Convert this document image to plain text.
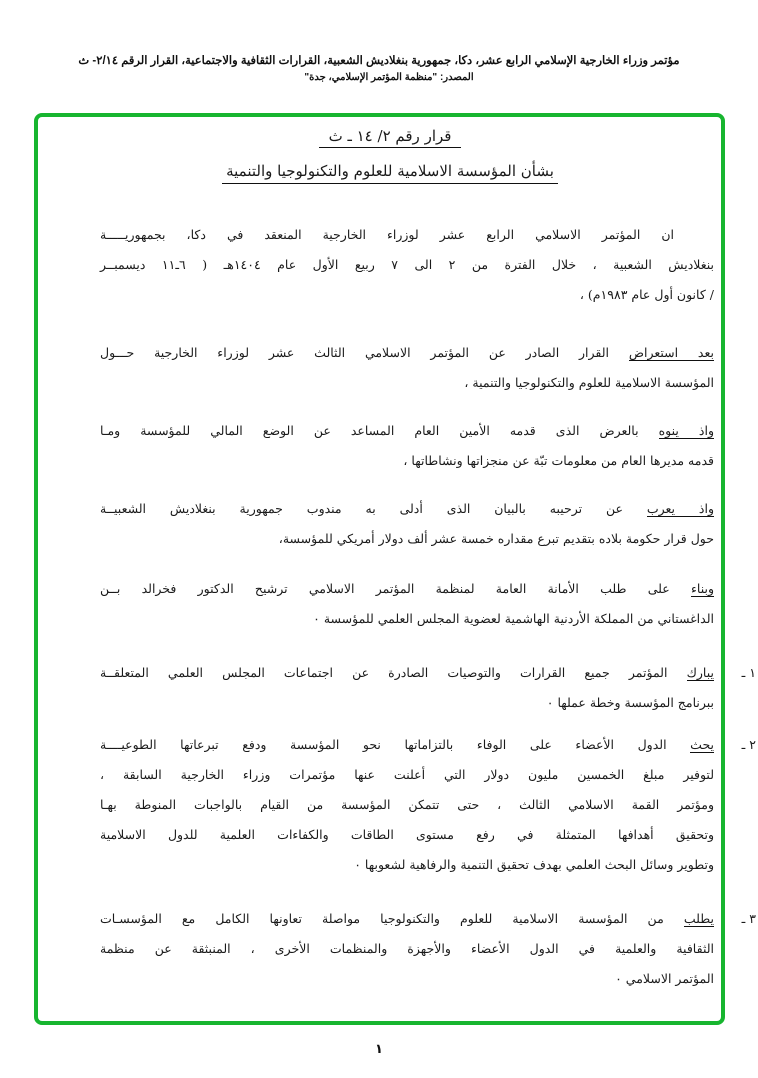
مؤتمر وزراء الخارجية الإسلامي الرابع عشر، دكا، جمهورية بنغلاديش الشعبية، القرارات الثقافية والاجتماعية، القرار الرقم ٢/١٤- ث
المصدر: "منظمة المؤتمر الإسلامي، جدة"
قرار رقم ٢/ ١٤ ـ ث
بشأن المؤسسة الاسلامية للعلوم والتكنولوجيا والتنمية
ان المؤتمر الاسلامي الرابع عشر لوزراء الخارجية المنعقد في دكا، بجمهوريـــــة
بنغلاديش الشعبية ، خلال الفترة من ٢ الى ٧ ربيع الأول عام ١٤٠٤هـ ( ٦ـ١١ ديسمبــر
/ كانون أول عام ١٩٨٣م) ،
بعد استعراض القرار الصادر عن المؤتمر الاسلامي الثالث عشر لوزراء الخارجية حـــول
المؤسسة الاسلامية للعلوم والتكنولوجيا والتنمية ،
واذ ينوه بالعرض الذى قدمه الأمين العام المساعد عن الوضع المالي للمؤسسة ومـا
قدمه مديرها العام من معلومات تبّة عن منجزاتها ونشاطاتها ،
واذ يعرب عن ترحيبه بالبيان الذى أدلى به مندوب جمهورية بنغلاديش الشعبيــة
حول قرار حكومة بلاده بتقديم تبرع مقداره خمسة عشر ألف دولار أمريكي للمؤسسة،
وبناء على طلب الأمانة العامة لمنظمة المؤتمر الاسلامي ترشيح الدكتور فخرالد بــن
الداغستاني من المملكة الأردنية الهاشمية لعضوية المجلس العلمي للمؤسسة ٠
١ ـ
يبارك المؤتمر جميع القرارات والتوصيات الصادرة عن اجتماعات المجلس العلمي المتعلقــة
ببرنامج المؤسسة وخطة عملها ٠
٢ ـ
يحث الدول الأعضاء على الوفاء بالتزاماتها نحو المؤسسة ودفع تبرعاتها الطوعيــــة
لتوفير مبلغ الخمسين مليون دولار التي أعلنت عنها مؤتمرات وزراء الخارجية السابقة ،
ومؤتمر القمة الاسلامي الثالث ، حتى تتمكن المؤسسة من القيام بالواجبات المنوطة بهـا
وتحقيق أهدافها المتمثلة في رفع مستوى الطاقات والكفاءات العلمية للدول الاسلامية
وتطوير وسائل البحث العلمي بهدف تحقيق التنمية والرفاهية لشعوبها ٠
٣ ـ
يطلب من المؤسسة الاسلامية للعلوم والتكنولوجيا مواصلة تعاونها الكامل مع المؤسسـات
الثقافية والعلمية في الدول الأعضاء والأجهزة والمنظمات الأخرى ، المنبثقة عن منظمة
المؤتمر الاسلامي ٠
١
